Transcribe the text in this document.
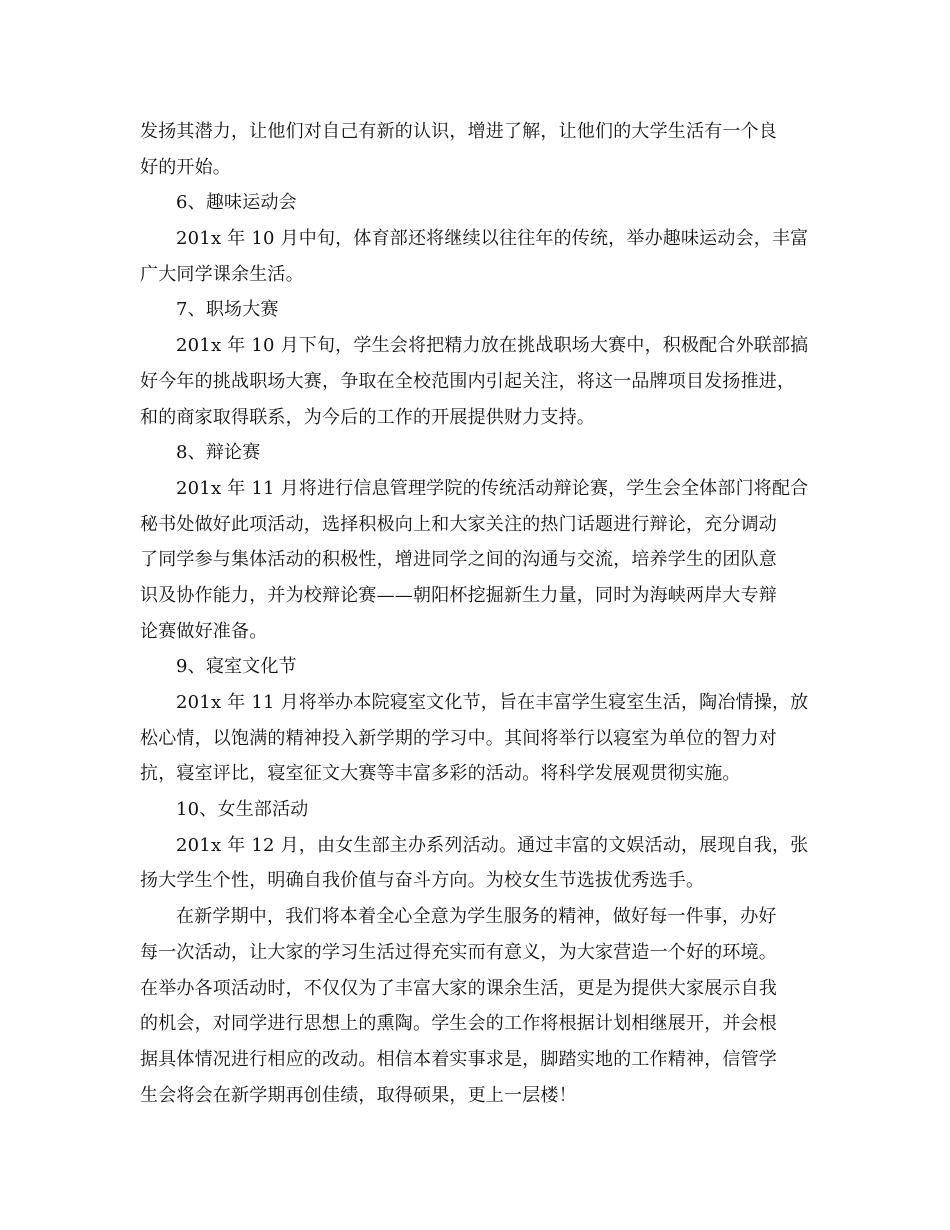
发扬其潜力，让他们对自己有新的认识，增进了解，让他们的大学生活有一个良

好的开始。

6、趣味运动会

201x 年 10 月中旬，体育部还将继续以往往年的传统，举办趣味运动会，丰富

广大同学课余生活。

7、职场大赛

201x 年 10 月下旬，学生会将把精力放在挑战职场大赛中，积极配合外联部搞

好今年的挑战职场大赛，争取在全校范围内引起关注，将这一品牌项目发扬推进，

和的商家取得联系，为今后的工作的开展提供财力支持。

8、辩论赛

201x 年 11 月将进行信息管理学院的传统活动辩论赛，学生会全体部门将配合

秘书处做好此项活动，选择积极向上和大家关注的热门话题进行辩论，充分调动

了同学参与集体活动的积极性，增进同学之间的沟通与交流，培养学生的团队意

识及协作能力，并为校辩论赛——朝阳杯挖掘新生力量，同时为海峡两岸大专辩

论赛做好准备。

9、寝室文化节

201x 年 11 月将举办本院寝室文化节，旨在丰富学生寝室生活，陶冶情操，放

松心情，以饱满的精神投入新学期的学习中。其间将举行以寝室为单位的智力对

抗，寝室评比，寝室征文大赛等丰富多彩的活动。将科学发展观贯彻实施。

10、女生部活动

201x 年 12 月，由女生部主办系列活动。通过丰富的文娱活动，展现自我，张

扬大学生个性，明确自我价值与奋斗方向。为校女生节选拔优秀选手。

在新学期中，我们将本着全心全意为学生服务的精神，做好每一件事，办好

每一次活动，让大家的学习生活过得充实而有意义，为大家营造一个好的环境。

在举办各项活动时，不仅仅为了丰富大家的课余生活，更是为提供大家展示自我

的机会，对同学进行思想上的熏陶。学生会的工作将根据计划相继展开，并会根

据具体情况进行相应的改动。相信本着实事求是，脚踏实地的工作精神，信管学

生会将会在新学期再创佳绩，取得硕果，更上一层楼！
